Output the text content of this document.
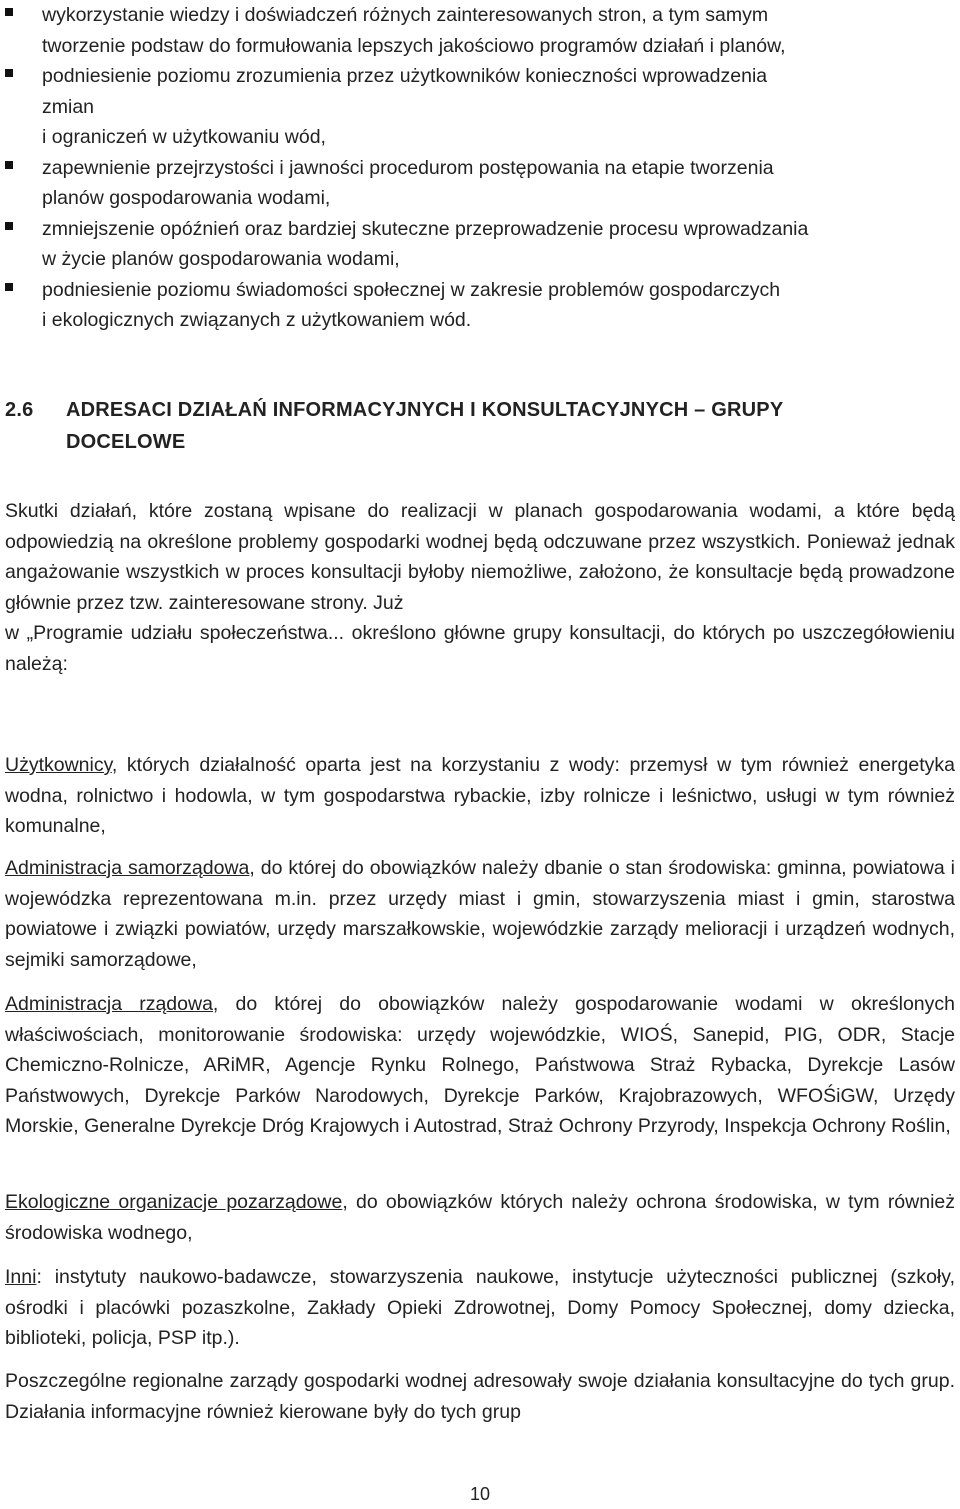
wykorzystanie wiedzy i doświadczeń różnych zainteresowanych stron, a tym samym
tworzenie podstaw do formułowania lepszych jakościowo programów działań i planów,
podniesienie poziomu zrozumienia przez użytkowników konieczności wprowadzenia
zmian
i ograniczeń w użytkowaniu wód,
zapewnienie przejrzystości i jawności procedurom postępowania na etapie tworzenia
planów gospodarowania wodami,
zmniejszenie opóźnień oraz bardziej skuteczne przeprowadzenie procesu wprowadzania
w życie planów gospodarowania wodami,
podniesienie poziomu świadomości społecznej w zakresie problemów gospodarczych
i ekologicznych związanych z użytkowaniem wód.
2.6 ADRESACI DZIAŁAŃ INFORMACYJNYCH I KONSULTACYJNYCH – GRUPY
DOCELOWE

Skutki działań, które zostaną wpisane do realizacji w planach gospodarowania wodami, a które będą odpowiedzią na określone problemy gospodarki wodnej będą odczuwane przez wszystkich. Ponieważ jednak angażowanie wszystkich w proces konsultacji byłoby niemożliwe, założono, że konsultacje będą prowadzone głównie przez tzw. zainteresowane strony. Już
w „Programie udziału społeczeństwa... określono główne grupy konsultacji, do których po uszczegółowieniu należą:

Użytkownicy, których działalność oparta jest na korzystaniu z wody: przemysł w tym również energetyka wodna, rolnictwo i hodowla, w tym gospodarstwa rybackie, izby rolnicze i leśnictwo, usługi w tym również komunalne,

Administracja samorządowa, do której do obowiązków należy dbanie o stan środowiska: gminna, powiatowa i wojewódzka reprezentowana m.in. przez urzędy miast i gmin, stowarzyszenia miast i gmin, starostwa powiatowe i związki powiatów, urzędy marszałkowskie, wojewódzkie zarządy melioracji i urządzeń wodnych, sejmiki samorządowe,

Administracja rządowa, do której do obowiązków należy gospodarowanie wodami w określonych właściwościach, monitorowanie środowiska: urzędy wojewódzkie, WIOŚ, Sanepid, PIG, ODR, Stacje Chemiczno-Rolnicze, ARiMR, Agencje Rynku Rolnego, Państwowa Straż Rybacka, Dyrekcje Lasów Państwowych, Dyrekcje Parków Narodowych, Dyrekcje Parków, Krajobrazowych, WFOŚiGW, Urzędy Morskie, Generalne Dyrekcje Dróg Krajowych i Autostrad, Straż Ochrony Przyrody, Inspekcja Ochrony Roślin,

Ekologiczne organizacje pozarządowe, do obowiązków których należy ochrona środowiska, w tym również środowiska wodnego,

Inni: instytuty naukowo-badawcze, stowarzyszenia naukowe, instytucje użyteczności publicznej (szkoły, ośrodki i placówki pozaszkolne, Zakłady Opieki Zdrowotnej, Domy Pomocy Społecznej, domy dziecka, biblioteki, policja, PSP itp.).

Poszczególne regionalne zarządy gospodarki wodnej adresowały swoje działania konsultacyjne do tych grup. Działania informacyjne również kierowane były do tych grup

10
